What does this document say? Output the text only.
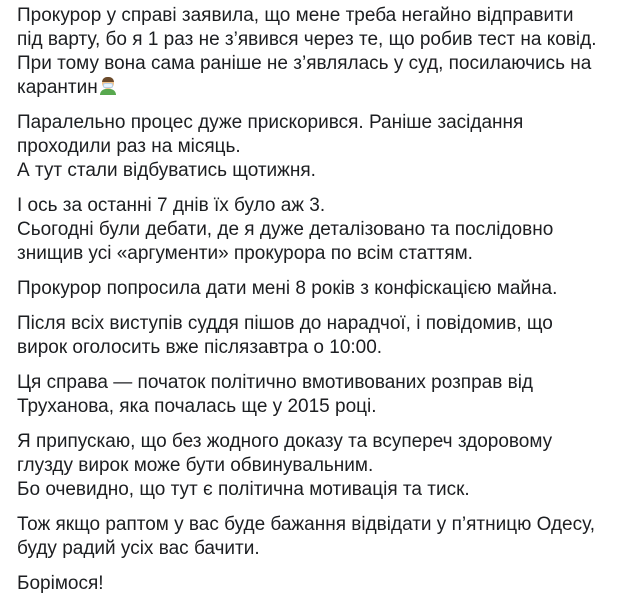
Прокурор у справі заявила, що мене треба негайно відправити
під варту, бо я 1 раз не з’явився через те, що робив тест на ковід.
При тому вона сама раніше не з’являлась у суд, посилаючись на
карантин

Паралельно процес дуже прискорився. Раніше засідання
проходили раз на місяць.
А тут стали відбуватись щотижня.

І ось за останні 7 днів їх було аж 3.
Сьогодні були дебати, де я дуже деталізовано та послідовно
знищив усі «аргументи» прокурора по всім статтям.

Прокурор попросила дати мені 8 років з конфіскацією майна.

Після всіх виступів суддя пішов до нарадчої, і повідомив, що
вирок оголосить вже післязавтра о 10:00.

Ця справа — початок політично вмотивованих розправ від
Труханова, яка почалась ще у 2015 році.

Я припускаю, що без жодного доказу та всупереч здоровому
глузду вирок може бути обвинувальним.
Бо очевидно, що тут є політична мотивація та тиск.

Тож якщо раптом у вас буде бажання відвідати у п’ятницю Одесу,
буду радий усіх вас бачити.

Борімося!
